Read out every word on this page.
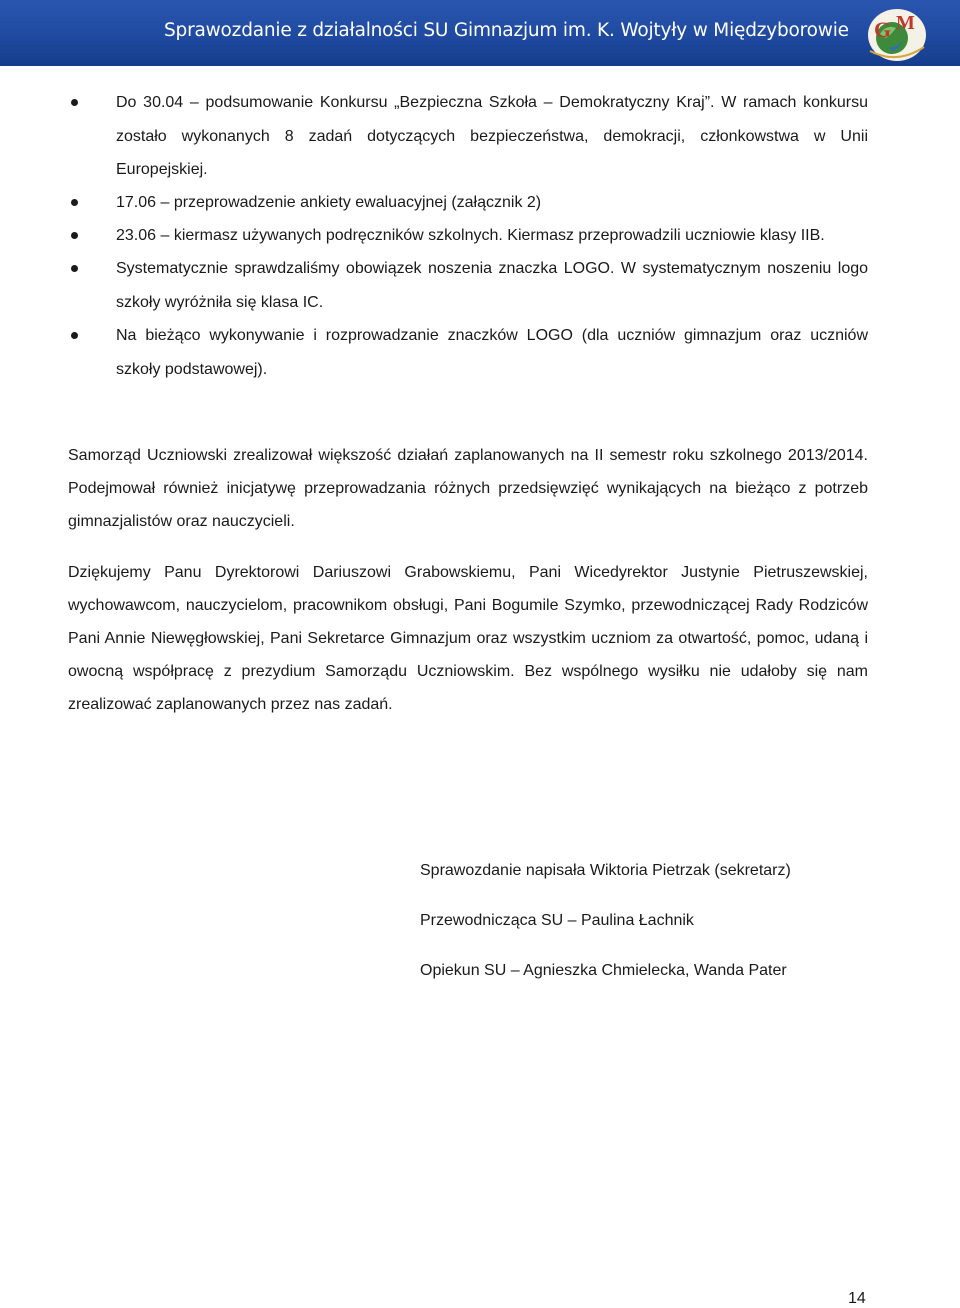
Sprawozdanie z działalności SU Gimnazjum im. K. Wojtyły w Międzyborowie G M
Do 30.04 – podsumowanie Konkursu „Bezpieczna Szkoła – Demokratyczny Kraj”. W ramach konkursu zostało wykonanych 8 zadań dotyczących bezpieczeństwa, demokracji, członkowstwa w Unii Europejskiej.
17.06 – przeprowadzenie ankiety ewaluacyjnej (załącznik 2)
23.06 – kiermasz używanych podręczników szkolnych. Kiermasz przeprowadzili uczniowie klasy IIB.
Systematycznie sprawdzaliśmy obowiązek noszenia znaczka LOGO. W systematycznym noszeniu logo szkoły wyróżniła się klasa IC.
Na bieżąco wykonywanie i rozprowadzanie znaczków LOGO (dla uczniów gimnazjum oraz uczniów szkoły podstawowej).

Samorząd Uczniowski zrealizował większość działań zaplanowanych na II semestr roku szkolnego 2013/2014. Podejmował również inicjatywę przeprowadzania różnych przedsięwzięć wynikających na bieżąco z potrzeb gimnazjalistów oraz nauczycieli.

Dziękujemy Panu Dyrektorowi Dariuszowi Grabowskiemu, Pani Wicedyrektor Justynie Pietruszewskiej, wychowawcom, nauczycielom, pracownikom obsługi, Pani Bogumile Szymko, przewodniczącej Rady Rodziców Pani Annie Niewęgłowskiej, Pani Sekretarce Gimnazjum oraz wszystkim uczniom za otwartość, pomoc, udaną i owocną współpracę z prezydium Samorządu Uczniowskim. Bez wspólnego wysiłku nie udałoby się nam zrealizować zaplanowanych przez nas zadań.

Sprawozdanie napisała Wiktoria Pietrzak (sekretarz)
Przewodnicząca SU – Paulina Łachnik
Opiekun SU – Agnieszka Chmielecka, Wanda Pater
14
